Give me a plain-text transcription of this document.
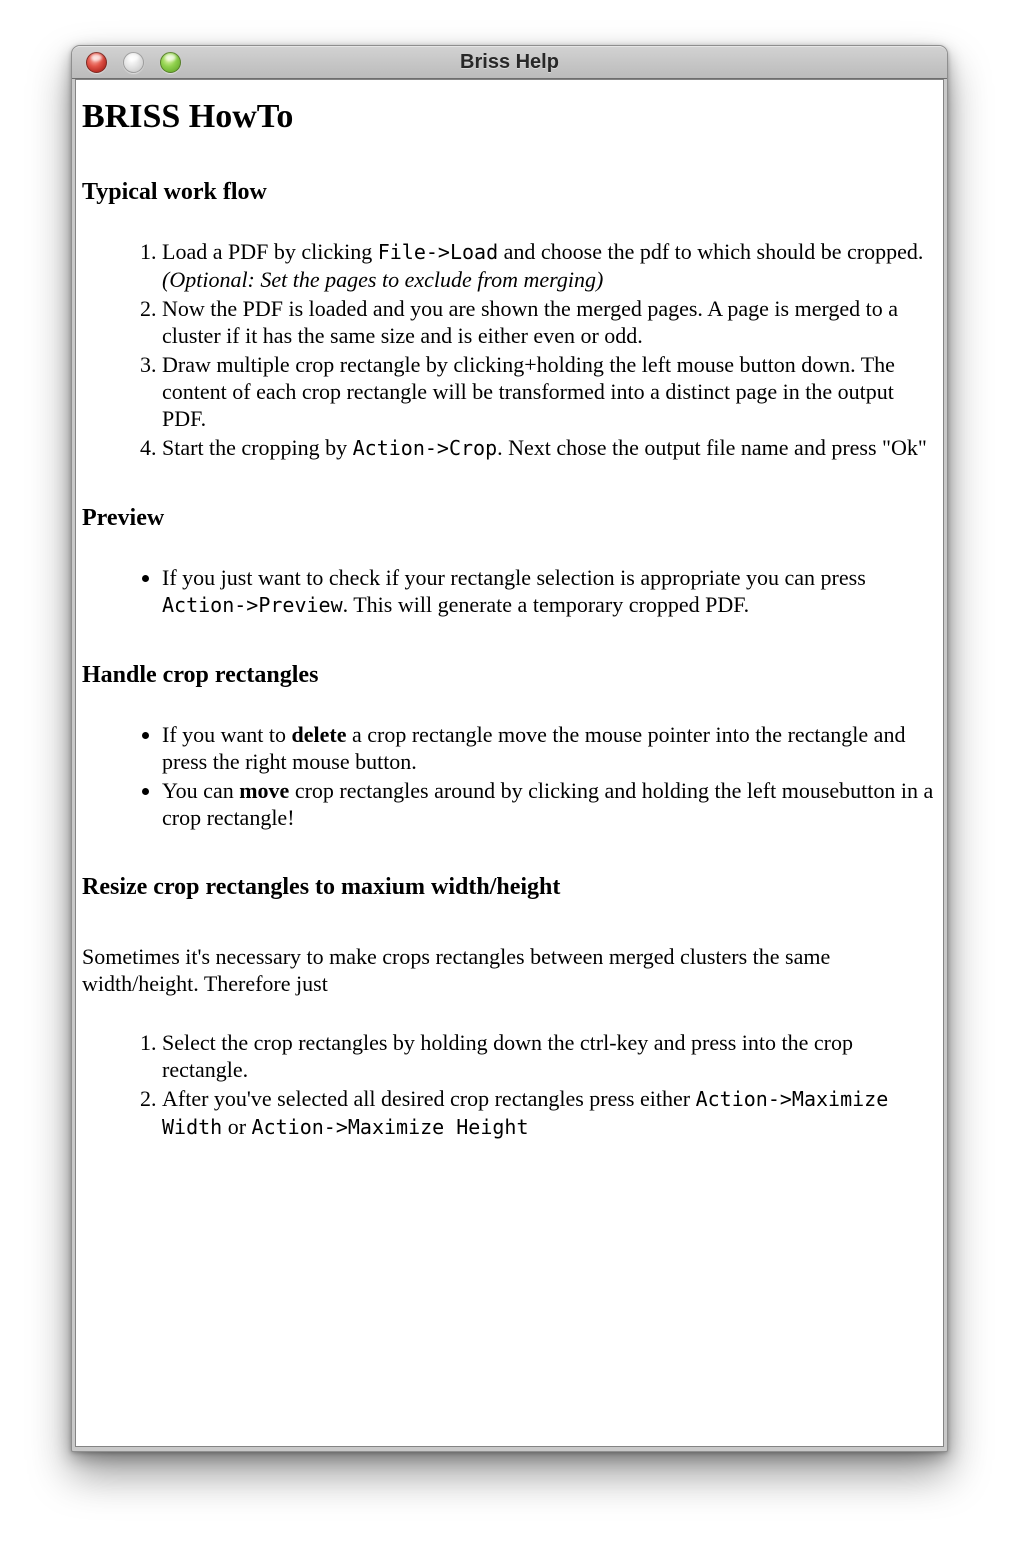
Briss Help
BRISS HowTo
Typical work flow
1. Load a PDF by clicking File->Load and choose the pdf to which should be cropped.(Optional: Set the pages to exclude from merging)
2. Now the PDF is loaded and you are shown the merged pages. A page is merged to a cluster if it has the same size and is either even or odd.
3. Draw multiple crop rectangle by clicking+holding the left mouse button down. The content of each crop rectangle will be transformed into a distinct page in the output PDF.
4. Start the cropping by Action->Crop. Next chose the output file name and press "Ok"
Preview
• If you just want to check if your rectangle selection is appropriate you can press Action->Preview. This will generate a temporary cropped PDF.
Handle crop rectangles
• If you want to delete a crop rectangle move the mouse pointer into the rectangle and press the right mouse button.
• You can move crop rectangles around by clicking and holding the left mousebutton in a crop rectangle!
Resize crop rectangles to maxium width/height

Sometimes it's necessary to make crops rectangles between merged clusters the same width/height. Therefore just

1. Select the crop rectangles by holding down the ctrl-key and press into the crop rectangle.
2. After you've selected all desired crop rectangles press either Action->Maximize Width or Action->Maximize Height
